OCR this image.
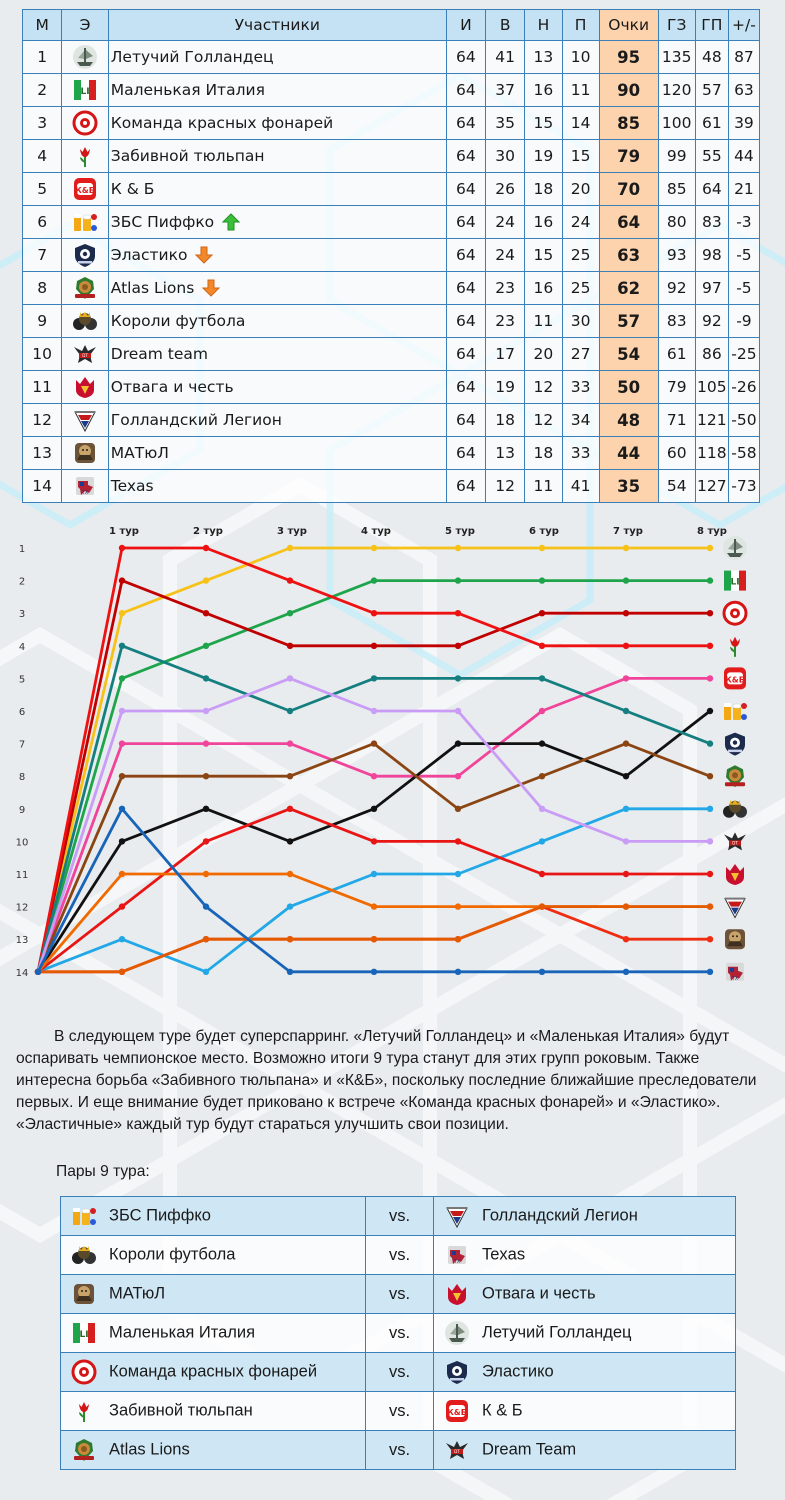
М	Э	Участники	И	В	Н	П	Очки	ГЗ	ГП	+/-
1		Летучий Голландец	64	41	13	10	95	135	48	87
2	LI	Маленькая Италия	64	37	16	11	90	120	57	63
3		Команда красных фонарей	64	35	15	14	85	100	61	39
4		Забивной тюльпан	64	30	19	15	79	99	55	44
5	К&Б	К & Б	64	26	18	20	70	85	64	21
6		ЗБС Пиффко	64	24	16	24	64	80	83	-3
7		Эластико	64	24	15	25	63	93	98	-5
8		Atlas Lions	64	23	16	25	62	92	97	-5
9		Короли футбола	64	23	11	30	57	83	92	-9
10	DT	Dream team	64	17	20	27	54	61	86	-25
11		Отвага и честь	64	19	12	33	50	79	105	-26
12		Голландский Легион	64	18	12	34	48	71	121	-50
13		МАТюЛ	64	13	18	33	44	60	118	-58
14	TX	Texas	64	12	11	41	35	54	127	-73
1
2
3
4
5
6
7
8
9
10
11
12
13
14
1 тур	2 тур	3 тур	4 тур	5 тур	6 тур	7 тур	8 тур
LI
К&Б
DT
TX

В следующем туре будет суперспарринг. «Летучий Голландец» и «Маленькая Италия» будут оспаривать чемпионское место. Возможно итоги 9 тура станут для этих групп роковым. Также интересна борьба «Забивного тюльпана» и «К&Б», поскольку последние ближайшие преследователи первых. И еще внимание будет приковано к встрече «Команда красных фонарей» и «Эластико». «Эластичные» каждый тур будут стараться улучшить свои позиции.

Пары 9 тура:

ЗБС Пиффко	vs.	Голландский Легион
Короли футбола	vs.	TX Texas
МАТюЛ	vs.	Отвага и честь

LI Маленькая Италия	vs.	Летучий Голландец
Команда красных фонарей	vs.	Эластико
Забивной тюльпан	vs.	К&Б К & Б
Atlas Lions	vs.	DT Dream Team
